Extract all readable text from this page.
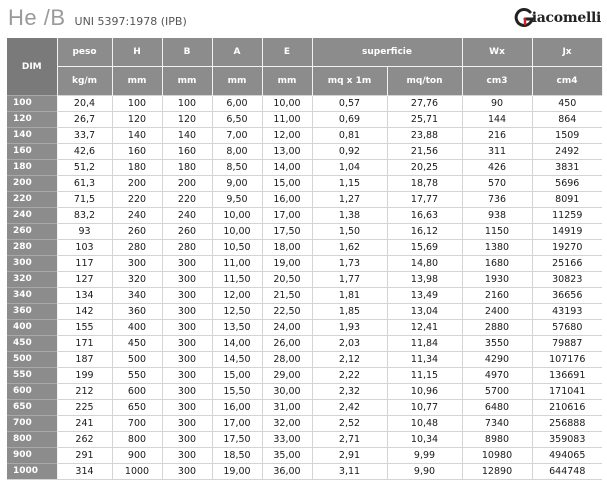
He /B UNI 5397:1978 (IPB)	iacomelli
DIM	peso	H	B	A	E	superficie		Wx	Jx
	kg/m	mm	mm	mm	mm	mq x 1m	mq/ton	cm3	cm4
100	20,4	100	100	6,00	10,00	0,57	27,76	90	450
120	26,7	120	120	6,50	11,00	0,69	25,71	144	864
140	33,7	140	140	7,00	12,00	0,81	23,88	216	1509
160	42,6	160	160	8,00	13,00	0,92	21,56	311	2492
180	51,2	180	180	8,50	14,00	1,04	20,25	426	3831
200	61,3	200	200	9,00	15,00	1,15	18,78	570	5696
220	71,5	220	220	9,50	16,00	1,27	17,77	736	8091
240	83,2	240	240	10,00	17,00	1,38	16,63	938	11259
260	93	260	260	10,00	17,50	1,50	16,12	1150	14919
280	103	280	280	10,50	18,00	1,62	15,69	1380	19270
300	117	300	300	11,00	19,00	1,73	14,80	1680	25166
320	127	320	300	11,50	20,50	1,77	13,98	1930	30823
340	134	340	300	12,00	21,50	1,81	13,49	2160	36656
360	142	360	300	12,50	22,50	1,85	13,04	2400	43193
400	155	400	300	13,50	24,00	1,93	12,41	2880	57680
450	171	450	300	14,00	26,00	2,03	11,84	3550	79887
500	187	500	300	14,50	28,00	2,12	11,34	4290	107176
550	199	550	300	15,00	29,00	2,22	11,15	4970	136691
600	212	600	300	15,50	30,00	2,32	10,96	5700	171041
650	225	650	300	16,00	31,00	2,42	10,77	6480	210616
700	241	700	300	17,00	32,00	2,52	10,48	7340	256888
800	262	800	300	17,50	33,00	2,71	10,34	8980	359083
900	291	900	300	18,50	35,00	2,91	9,99	10980	494065
1000	314	1000	300	19,00	36,00	3,11	9,90	12890	644748
